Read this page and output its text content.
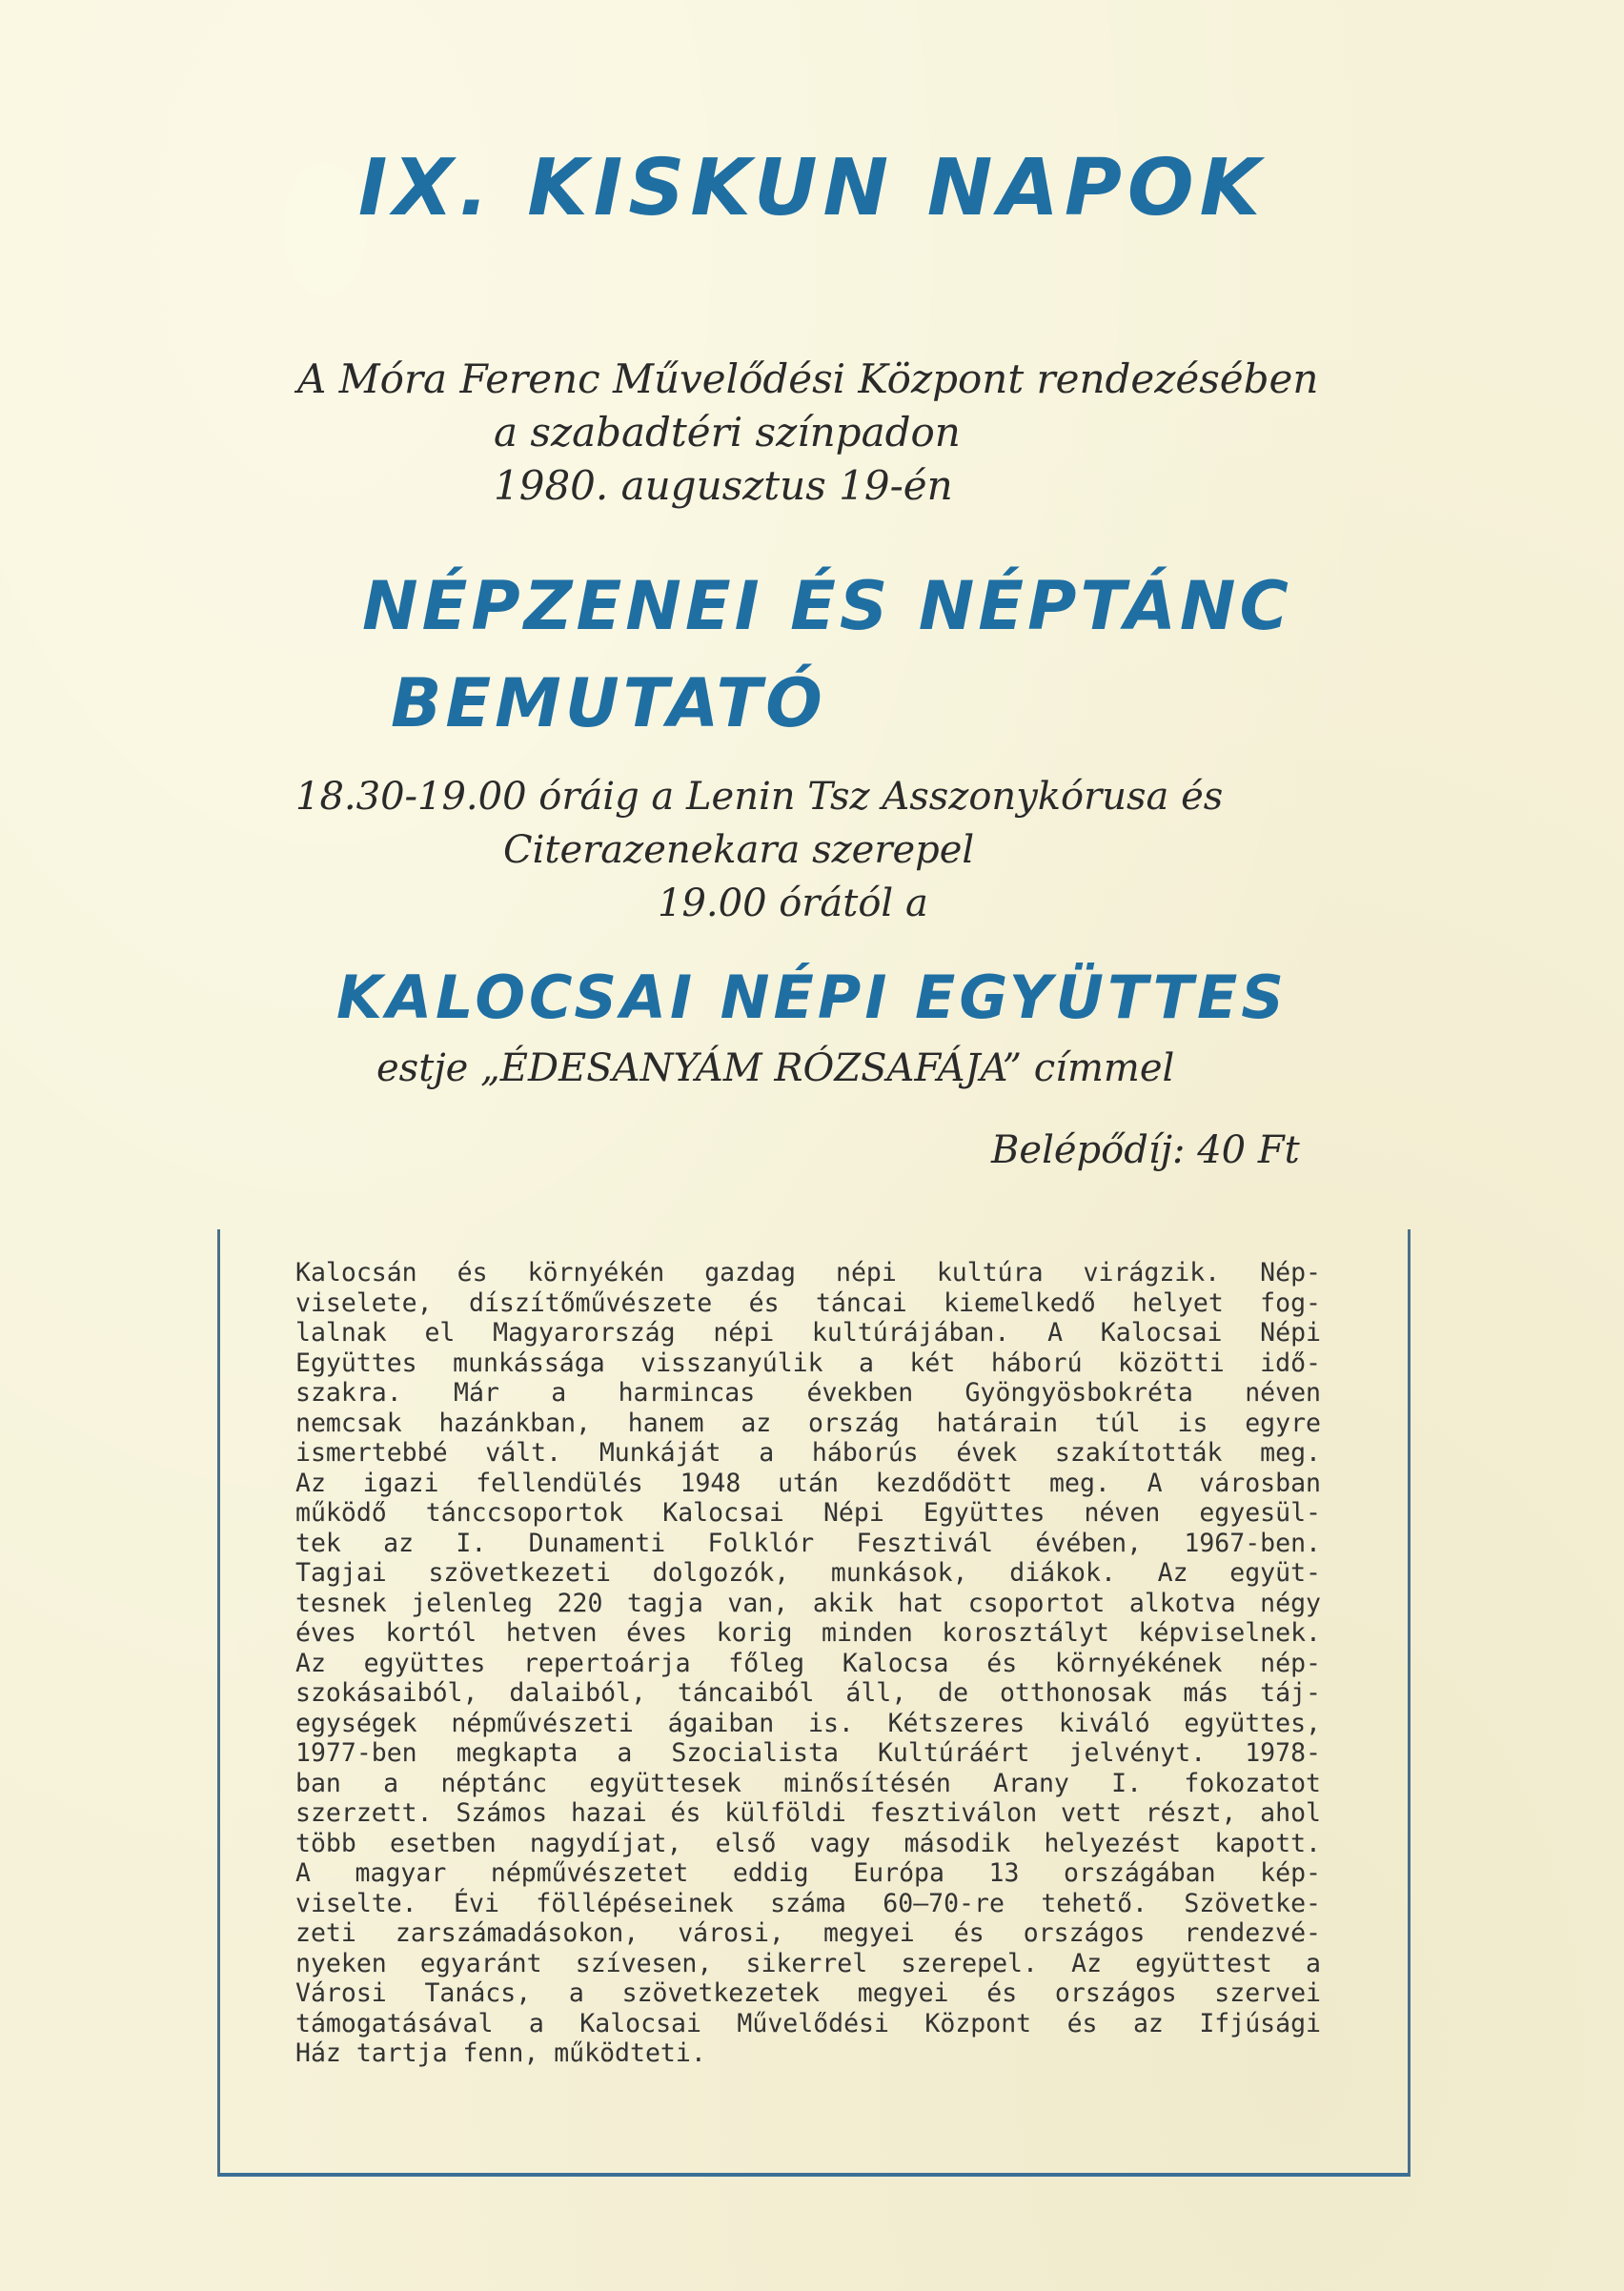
IX. KISKUN NAPOK
A Móra Ferenc Művelődési Központ rendezésében
a szabadtéri színpadon
1980. augusztus 19-én
NÉPZENEI ÉS NÉPTÁNC
BEMUTATÓ
18.30-19.00 óráig a Lenin Tsz Asszonykórusa és
Citerazenekara szerepel
19.00 órától a
KALOCSAI NÉPI EGYÜTTES
estje „ÉDESANYÁM RÓZSAFÁJA” címmel
Belépődíj: 40 Ft
Kalocsán és környékén gazdag népi kultúra virágzik. Nép-
viselete, díszítőművészete és táncai kiemelkedő helyet fog-
lalnak el Magyarország népi kultúrájában. A Kalocsai Népi
Együttes munkássága visszanyúlik a két háború közötti idő-
szakra. Már a harmincas években Gyöngyösbokréta néven
nemcsak hazánkban, hanem az ország határain túl is egyre
ismertebbé vált. Munkáját a háborús évek szakították meg.
Az igazi fellendülés 1948 után kezdődött meg. A városban
működő tánccsoportok Kalocsai Népi Együttes néven egyesül-
tek az I. Dunamenti Folklór Fesztivál évében, 1967-ben.
Tagjai szövetkezeti dolgozók, munkások, diákok. Az együt-
tesnek jelenleg 220 tagja van, akik hat csoportot alkotva négy
éves kortól hetven éves korig minden korosztályt képviselnek.
Az együttes repertoárja főleg Kalocsa és környékének nép-
szokásaiból, dalaiból, táncaiból áll, de otthonosak más táj-
egységek népművészeti ágaiban is. Kétszeres kiváló együttes,
1977-ben megkapta a Szocialista Kultúráért jelvényt. 1978-
ban a néptánc együttesek minősítésén Arany I. fokozatot
szerzett. Számos hazai és külföldi fesztiválon vett részt, ahol
több esetben nagydíjat, első vagy második helyezést kapott.
A magyar népművészetet eddig Európa 13 országában kép-
viselte. Évi föllépéseinek száma 60—70-re tehető. Szövetke-
zeti zarszámadásokon, városi, megyei és országos rendezvé-
nyeken egyaránt szívesen, sikerrel szerepel. Az együttest a
Városi Tanács, a szövetkezetek megyei és országos szervei
támogatásával a Kalocsai Művelődési Központ és az Ifjúsági
Ház tartja fenn, működteti.
